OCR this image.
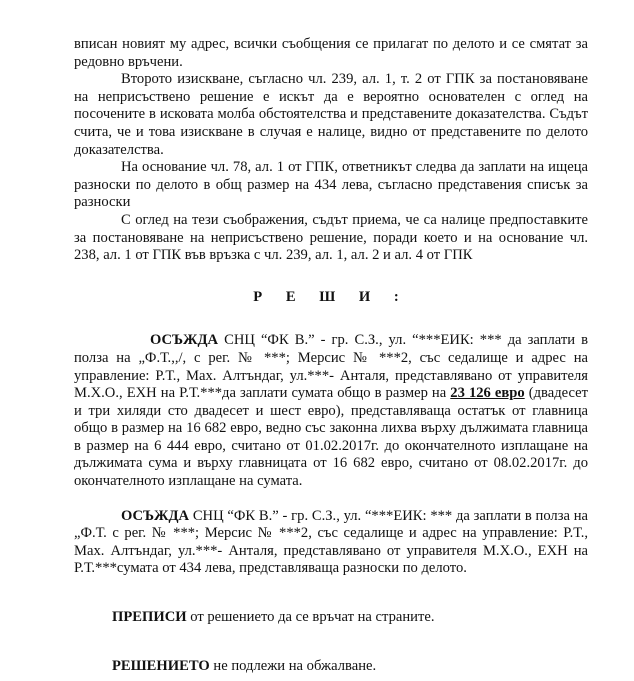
вписан новият му адрес, всички съобщения се прилагат по делото и се смятат за редовно връчени.

Второто изискване, съгласно чл. 239, ал. 1, т. 2 от ГПК за постановяване на неприсъствено решение е искът да е вероятно основателен с оглед на посочените в исковата молба обстоятелства и представените доказателства. Съдът счита, че и това изискване в случая е налице, видно от представените по делото доказателства.

На основание чл. 78, ал. 1 от ГПК, ответникът следва да заплати на ищеца разноски по делото в общ размер на 434 лева, съгласно представения списък за разноски

С оглед на тези съображения, съдът приема, че са налице предпоставките за постановяване на неприсъствено решение, поради което и на основание чл. 238, ал. 1 от ГПК във връзка с чл. 239, ал. 1, ал. 2 и ал. 4 от ГПК

Р Е Ш И :

ОСЪЖДА СНЦ “ФК В.” - гр. С.З., ул. “***ЕИК: *** да заплати в полза на „Ф.Т.,,/, с рег. № ***; Мерсис № ***2, със седалище и адрес на управление: Р.Т., Мах. Алтъндаг, ул.***- Анталя, представлявано от управителя М.Х.О., ЕХН на Р.Т.***да заплати сумата общо в размер на 23 126 евро (двадесет и три хиляди сто двадесет и шест евро), представляваща остатък от главница общо в размер на 16 682 евро, ведно със законна лихва върху дължимата главница в размер на 6 444 евро, считано от 01.02.2017г. до окончателното изплащане на дължимата сума и върху главницата от 16 682 евро, считано от 08.02.2017г. до окончателното изплащане на сумата.

ОСЪЖДА СНЦ “ФК В.” - гр. С.З., ул. “***ЕИК: *** да заплати в полза на „Ф.Т. с рег. № ***; Мерсис № ***2, със седалище и адрес на управление: Р.Т., Мах. Алтъндаг, ул.***- Анталя, представлявано от управителя М.Х.О., ЕХН на Р.Т.***сумата от 434 лева, представляваща разноски по делото.

ПРЕПИСИ от решението да се връчат на страните.

РЕШЕНИЕТО не подлежи на обжалване.
